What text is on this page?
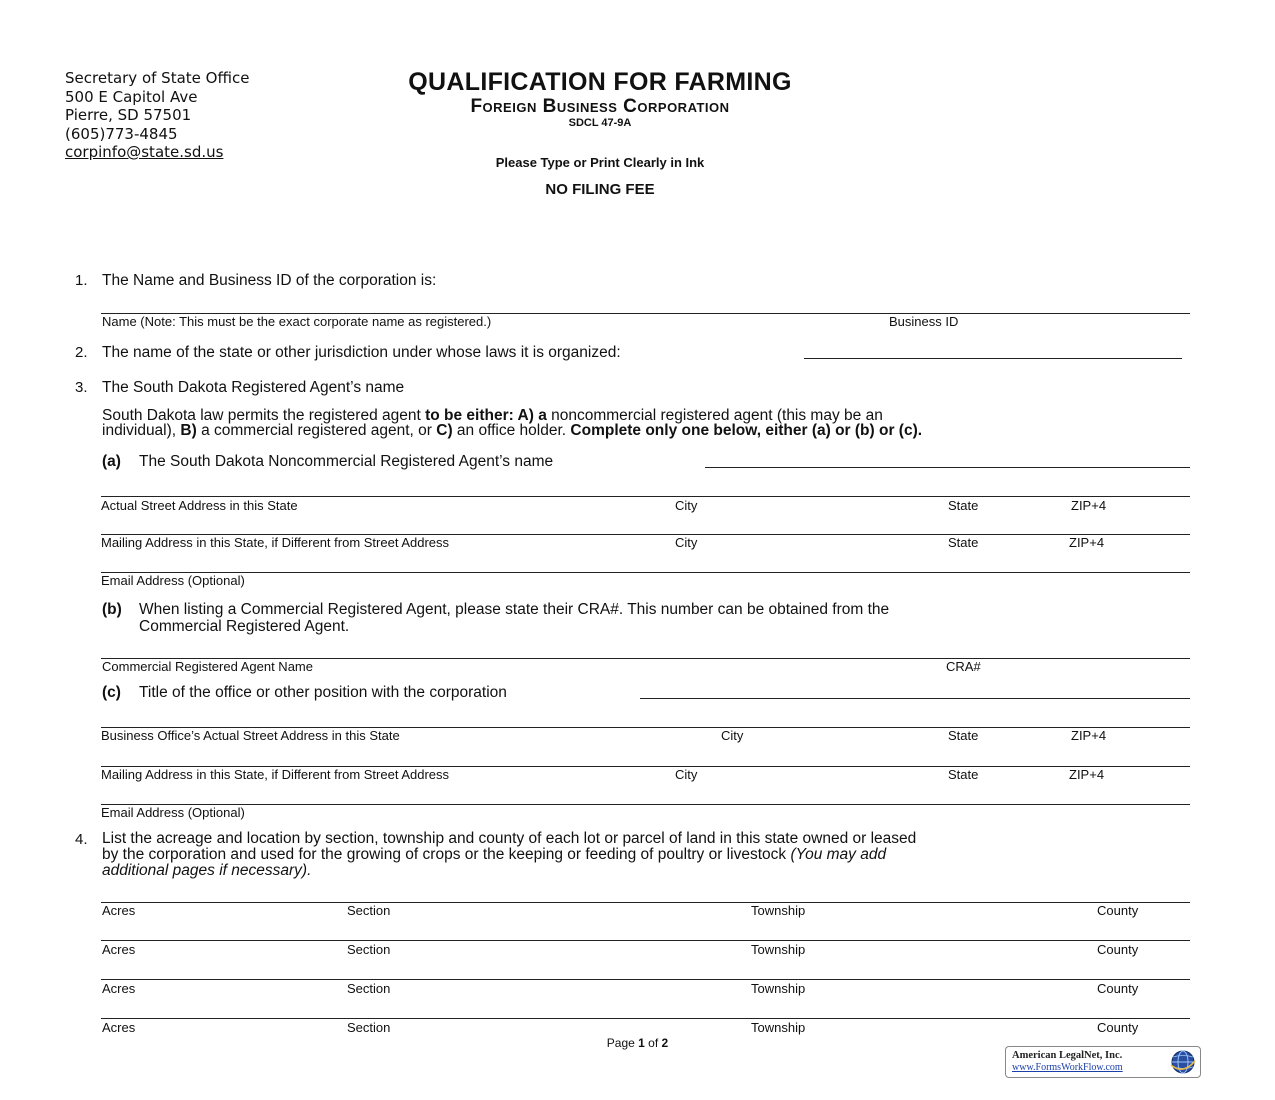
Secretary of State Office
500 E Capitol Ave
Pierre, SD 57501
(605)773-4845
corpinfo@state.sd.us
QUALIFICATION FOR FARMING
Foreign Business Corporation
SDCL 47-9A
Please Type or Print Clearly in Ink
NO FILING FEE
1. The Name and Business ID of the corporation is:
Name (Note: This must be the exact corporate name as registered.)	Business ID
2. The name of the state or other jurisdiction under whose laws it is organized:
3. The South Dakota Registered Agent’s name
South Dakota law permits the registered agent to be either: A) a noncommercial registered agent (this may be an
individual), B) a commercial registered agent, or C) an office holder. Complete only one below, either (a) or (b) or (c).
(a) The South Dakota Noncommercial Registered Agent’s name
Actual Street Address in this State	City	State	ZIP+4
Mailing Address in this State, if Different from Street Address	City	State	ZIP+4
Email Address (Optional)
(b) When listing a Commercial Registered Agent, please state their CRA#. This number can be obtained from the
Commercial Registered Agent.
Commercial Registered Agent Name	CRA#
(c) Title of the office or other position with the corporation
Business Office’s Actual Street Address in this State	City	State	ZIP+4
Mailing Address in this State, if Different from Street Address	City	State	ZIP+4
Email Address (Optional)
4. List the acreage and location by section, township and county of each lot or parcel of land in this state owned or leased
by the corporation and used for the growing of crops or the keeping or feeding of poultry or livestock (You may add
additional pages if necessary).
Acres	Section	Township	County
Acres	Section	Township	County
Acres	Section	Township	County
Acres	Section	Township	County
Page 1 of 2
American LegalNet, Inc.
www.FormsWorkFlow.com
